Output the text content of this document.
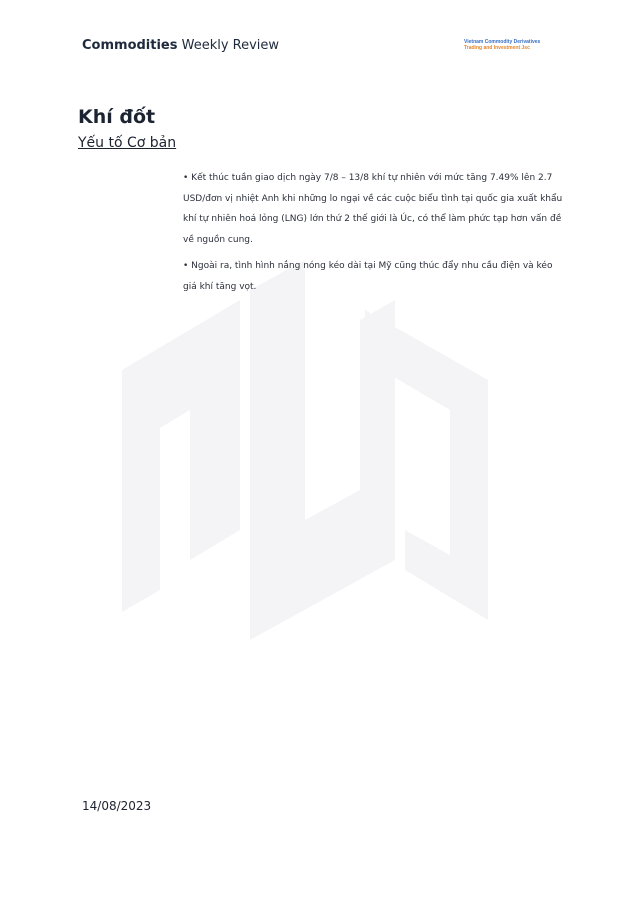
Commodities Weekly Review	Vietnam Commodity Derivatives
Trading and Investment Jsc
Khí đốt
Yếu tố Cơ bản

• Kết thúc tuần giao dịch ngày 7/8 – 13/8 khí tự nhiên với mức tăng 7.49% lên 2.7 USD/đơn vị nhiệt Anh khi những lo ngại về các cuộc biểu tình tại quốc gia xuất khẩu khí tự nhiên hoá lỏng (LNG) lớn thứ 2 thế giới là Úc, có thể làm phức tạp hơn vấn đề về nguồn cung.

• Ngoài ra, tình hình nắng nóng kéo dài tại Mỹ cũng thúc đẩy nhu cầu điện và kéo giá khí tăng vọt.

14/08/2023
